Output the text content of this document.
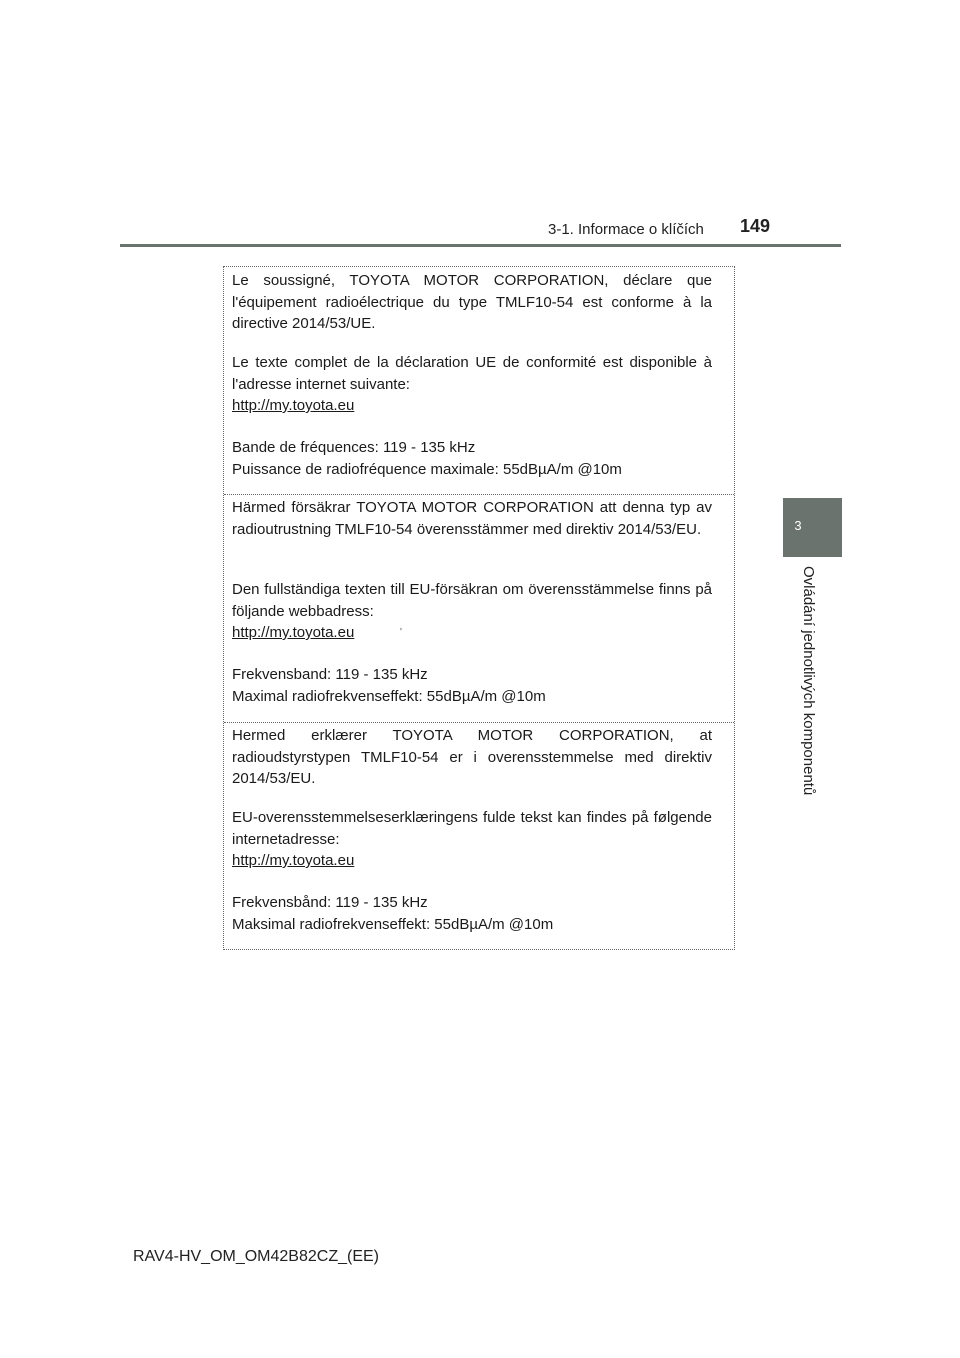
3-1. Informace o klíčích 149
3
Ovládání jednotlivých komponentů
Le soussigné, TOYOTA MOTOR CORPORATION, déclare que l'équipement radioélectrique du type TMLF10-54 est conforme à la directive 2014/53/UE.
Le texte complet de la déclaration UE de conformité est disponible à l'adresse internet suivante:
http://my.toyota.eu
Bande de fréquences: 119 - 135 kHz
Puissance de radiofréquence maximale: 55dBµA/m @10m
Härmed försäkrar TOYOTA MOTOR CORPORATION att denna typ av radioutrustning TMLF10-54 överensstämmer med direktiv 2014/53/EU.
Den fullständiga texten till EU-försäkran om överensstämmelse finns på följande webbadress:
http://my.toyota.eu	'
Frekvensband: 119 - 135 kHz
Maximal radiofrekvenseffekt: 55dBµA/m @10m
Hermed erklærer TOYOTA MOTOR CORPORATION, at radioudstyrstypen TMLF10-54 er i overensstemmelse med direktiv 2014/53/EU.
EU-overensstemmelseserklæringens fulde tekst kan findes på følgende internetadresse:
http://my.toyota.eu
Frekvensbånd: 119 - 135 kHz
Maksimal radiofrekvenseffekt: 55dBµA/m @10m
RAV4-HV_OM_OM42B82CZ_(EE)
